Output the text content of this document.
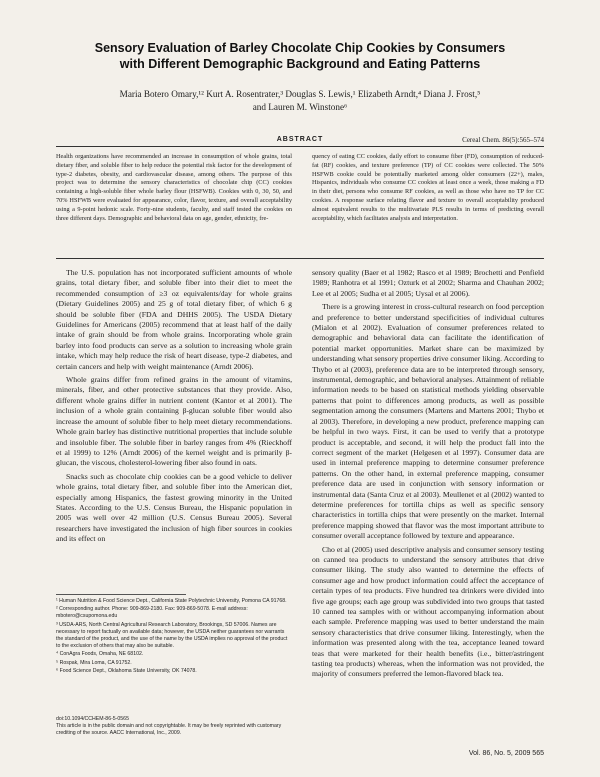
Sensory Evaluation of Barley Chocolate Chip Cookies by Consumers
with Different Demographic Background and Eating Patterns
Maria Botero Omary,¹² Kurt A. Rosentrater,³ Douglas S. Lewis,¹ Elizabeth Arndt,⁴ Diana J. Frost,⁵
and Lauren M. Winstone⁶
ABSTRACT	Cereal Chem. 86(5):565–574
Health organizations have recommended an increase in consumption of whole grains, total dietary fiber, and soluble fiber to help reduce the potential risk factor for the development of type-2 diabetes, obesity, and cardiovascular disease, among others. The purpose of this project was to determine the sensory characteristics of chocolate chip (CC) cookies containing a high-soluble fiber whole barley flour (HSFWB). Cookies with 0, 30, 50, and 70% HSFWB were evaluated for appearance, color, flavor, texture, and overall acceptability using a 9-point hedonic scale. Forty-nine students, faculty, and staff tested the cookies on three different days. Demographic and behavioral data on age, gender, ethnicity, fre-
quency of eating CC cookies, daily effort to consume fiber (FD), consumption of reduced-fat (RF) cookies, and texture preference (TP) of CC cookies were collected. The 50% HSFWB cookie could be potentially marketed among older consumers (22+), males, Hispanics, individuals who consume CC cookies at least once a week, those making a FD in their diet, persons who consume RF cookies, as well as those who have no TP for CC cookies. A response surface relating flavor and texture to overall acceptability produced almost equivalent results to the multivariate PLS results in terms of predicting overall acceptability, which facilitates analysis and interpretation.

The U.S. population has not incorporated sufficient amounts of whole grains, total dietary fiber, and soluble fiber into their diet to meet the recommended consumption of ≥3 oz equivalents/day for whole grains (Dietary Guidelines 2005) and 25 g of total dietary fiber, of which 6 g should be soluble fiber (FDA and DHHS 2005). The USDA Dietary Guidelines for Americans (2005) recommend that at least half of the daily intake of grain should be from whole grains. Incorporating whole grain barley into food products can serve as a solution to increasing whole grain intake, which may help reduce the risk of heart disease, type-2 diabetes, and certain cancers and help with weight maintenance (Arndt 2006).

Whole grains differ from refined grains in the amount of vitamins, minerals, fiber, and other protective substances that they provide. Also, different whole grains differ in nutrient content (Kantor et al 2001). The inclusion of a whole grain containing β-glucan soluble fiber would also increase the amount of soluble fiber to help meet dietary recommendations. Whole grain barley has distinctive nutritional properties that include soluble and insoluble fiber. The soluble fiber in barley ranges from 4% (Rieckhoff et al 1999) to 12% (Arndt 2006) of the kernel weight and is primarily β-glucan, the viscous, cholesterol-lowering fiber also found in oats.

Snacks such as chocolate chip cookies can be a good vehicle to deliver whole grains, total dietary fiber, and soluble fiber into the American diet, especially among Hispanics, the fastest growing minority in the United States. According to the U.S. Census Bureau, the Hispanic population in 2005 was well over 42 million (U.S. Census Bureau 2005). Several researchers have investigated the inclusion of high fiber sources in cookies and its effect on

sensory quality (Baer et al 1982; Rasco et al 1989; Brochetti and Penfield 1989; Ranhotra et al 1991; Ozturk et al 2002; Sharma and Chauhan 2002; Lee et al 2005; Sudha et al 2005; Uysal et al 2006).

There is a growing interest in cross-cultural research on food perception and preference to better understand specificities of individual cultures (Mialon et al 2002). Evaluation of consumer preferences related to demographic and behavioral data can facilitate the identification of potential market opportunities. Market share can be maximized by understanding what sensory properties drive consumer liking. According to Thybo et al (2003), preference data are to be interpreted through sensory, instrumental, demographic, and behavioral analyses. Attainment of reliable information needs to be based on statistical methods yielding observable patterns that point to differences among products, as well as possible segmentation among the consumers (Martens and Martens 2001; Thybo et al 2003). Therefore, in developing a new product, preference mapping can be helpful in two ways. First, it can be used to verify that a prototype product is acceptable, and second, it will help the product fall into the correct segment of the market (Helgesen et al 1997). Consumer data are used in internal preference mapping to determine consumer preference patterns. On the other hand, in external preference mapping, consumer preference data are used in conjunction with sensory information or instrumental data (Santa Cruz et al 2003). Meullenet et al (2002) wanted to determine preferences for tortilla chips as well as specific sensory characteristics in tortilla chips that were presently on the market. Internal preference mapping showed that flavor was the most important attribute to consumer overall acceptance followed by texture and appearance.

Cho et al (2005) used descriptive analysis and consumer sensory testing on canned tea products to understand the sensory attributes that drive consumer liking. The study also wanted to determine the effects of consumer age and how product information could affect the acceptance of certain types of tea products. Five hundred tea drinkers were divided into five age groups; each age group was subdivided into two groups that tasted 10 canned tea samples with or without accompanying information about each sample. Preference mapping was used to better understand the main sensory characteristics that drive consumer liking. Interestingly, when the information was presented along with the tea, acceptance leaned toward teas that were marketed for their health benefits (i.e., bitter/astringent tasting tea products) whereas, when the information was not provided, the majority of consumers preferred the lemon-flavored black tea.

¹ Human Nutrition & Food Science Dept., California State Polytechnic University, Pomona CA 91768.

² Corresponding author. Phone: 909-869-2180. Fax: 909-869-5078. E-mail address: mbotero@csupomona.edu

³ USDA-ARS, North Central Agricultural Research Laboratory, Brookings, SD 57006. Names are necessary to report factually on available data; however, the USDA neither guarantees nor warrants the standard of the product, and the use of the name by the USDA implies no approval of the product to the exclusion of others that may also be suitable.

⁴ ConAgra Foods, Omaha, NE 68102.

⁵ Rospak, Mira Loma, CA 91752.

⁶ Food Science Dept., Oklahoma State University, OK 74078.

doi:10.1094/CCHEM-86-5-0565

This article is in the public domain and not copyrightable. It may be freely reprinted with customary crediting of the source. AACC International, Inc., 2009.

Vol. 86, No. 5, 2009 565
